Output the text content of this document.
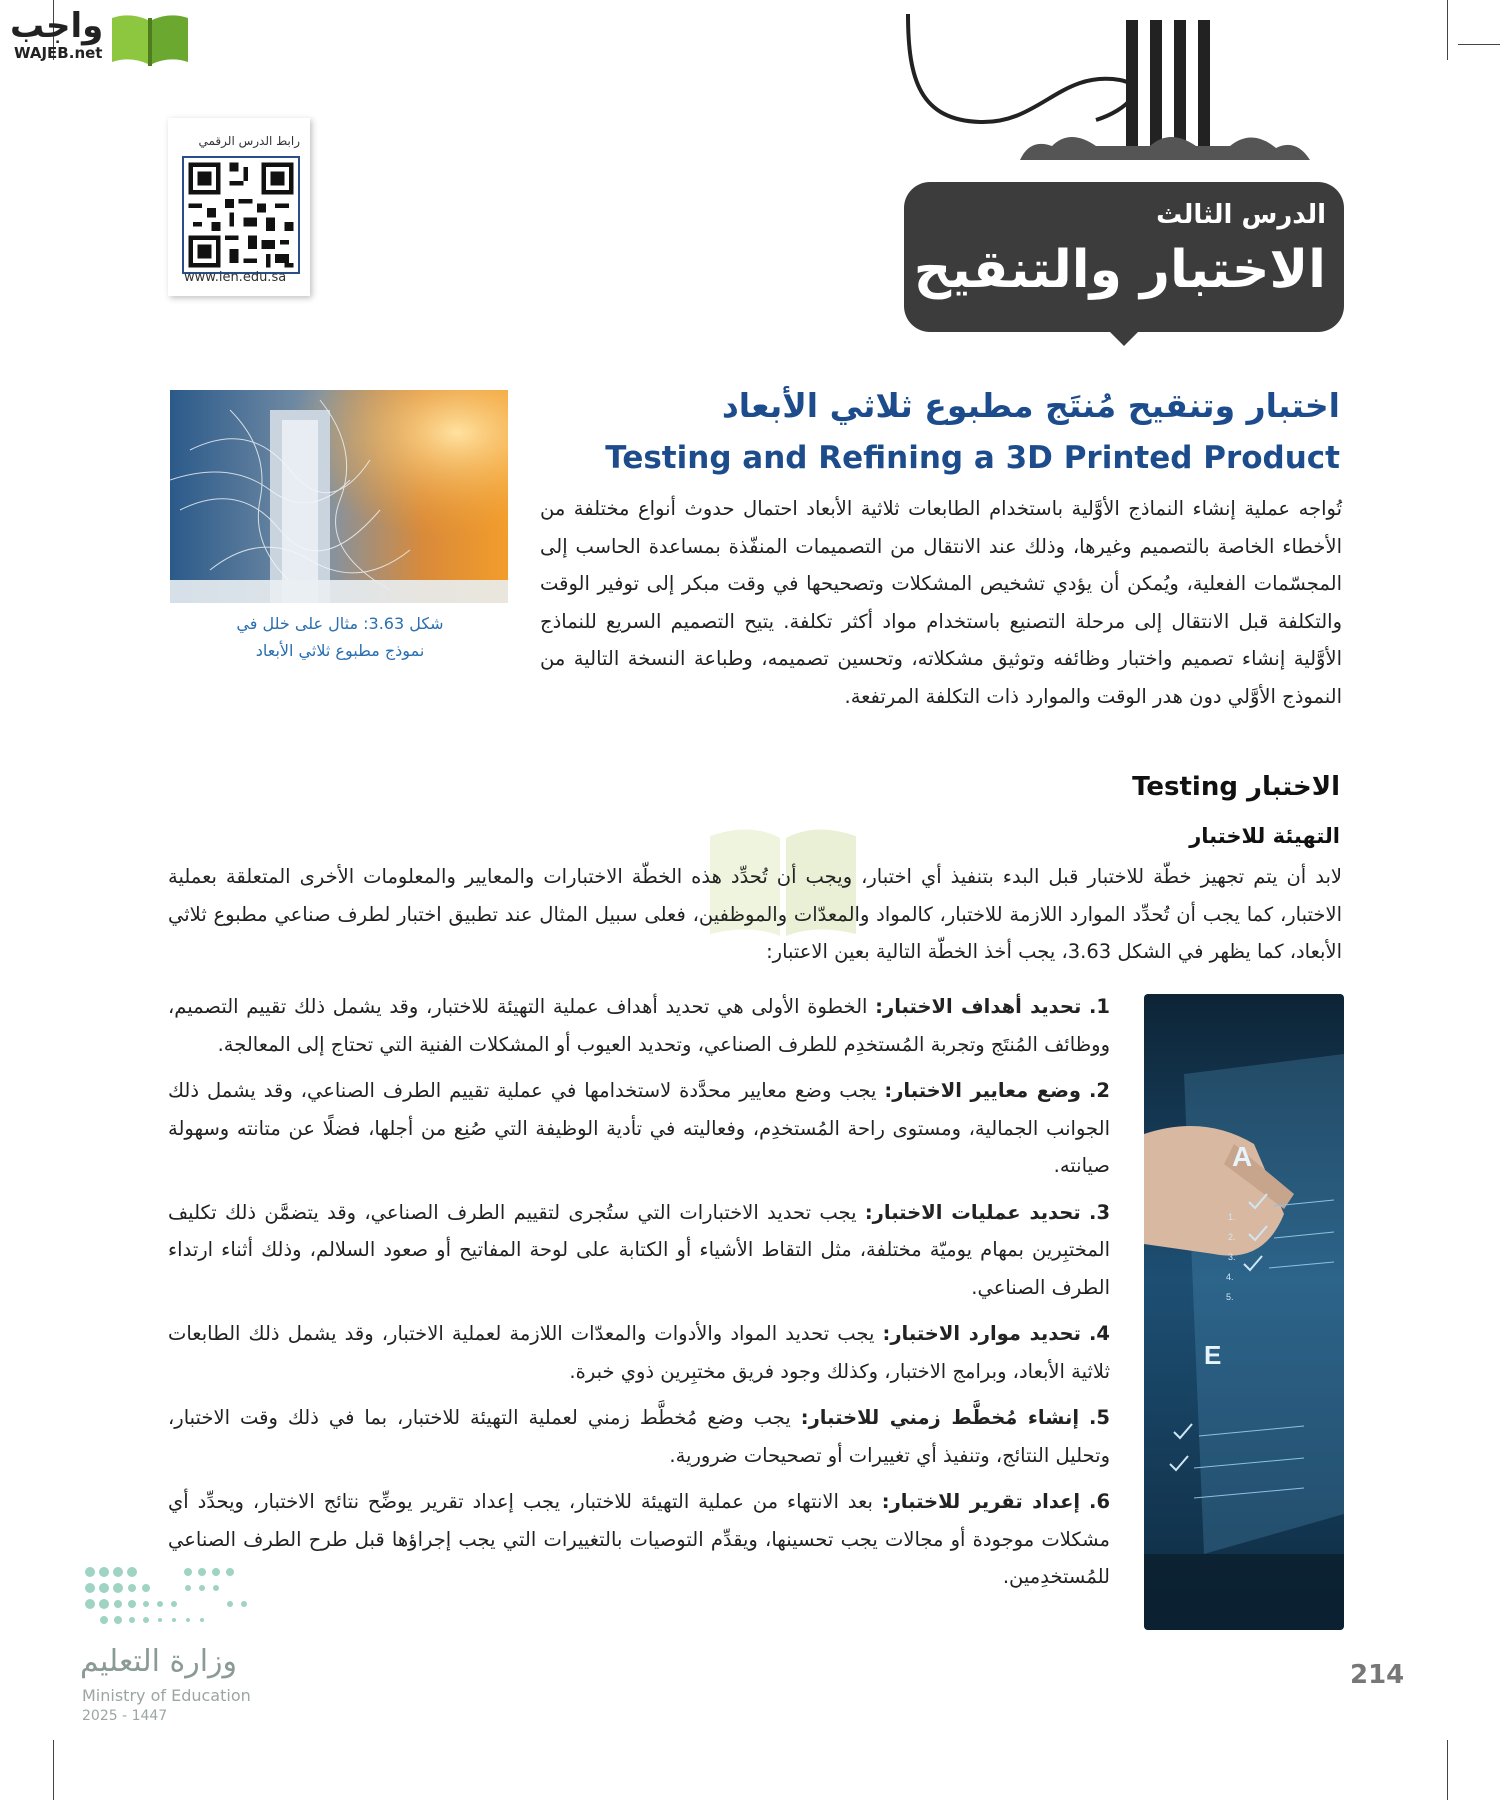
واجب
WAJEB.net
رابط الدرس الرقمي
www.ien.edu.sa
الدرس الثالث
الاختبار والتنقيح
اختبار وتنقيح مُنتَج مطبوع ثلاثي الأبعاد
Testing and Refining a 3D Printed Product
شكل 3.63: مثال على خلل في
نموذج مطبوع ثلاثي الأبعاد
تُواجه عملية إنشاء النماذج الأوَّلية باستخدام الطابعات ثلاثية الأبعاد احتمال حدوث أنواع مختلفة من الأخطاء الخاصة بالتصميم وغيرها، وذلك عند الانتقال من التصميمات المنفّذة بمساعدة الحاسب إلى المجسّمات الفعلية، ويُمكن أن يؤدي تشخيص المشكلات وتصحيحها في وقت مبكر إلى توفير الوقت والتكلفة قبل الانتقال إلى مرحلة التصنيع باستخدام مواد أكثر تكلفة. يتيح التصميم السريع للنماذج الأوَّلية إنشاء تصميم واختبار وظائفه وتوثيق مشكلاته، وتحسين تصميمه، وطباعة النسخة التالية من النموذج الأوَّلي دون هدر الوقت والموارد ذات التكلفة المرتفعة.
الاختبار Testing
التهيئة للاختبار
لابد أن يتم تجهيز خطّة للاختبار قبل البدء بتنفيذ أي اختبار، ويجب أن تُحدِّد هذه الخطّة الاختبارات والمعايير والمعلومات الأخرى المتعلقة بعملية الاختبار، كما يجب أن تُحدِّد الموارد اللازمة للاختبار، كالمواد والمعدّات والموظفين، فعلى سبيل المثال عند تطبيق اختبار لطرف صناعي مطبوع ثلاثي الأبعاد، كما يظهر في الشكل 3.63، يجب أخذ الخطّة التالية بعين الاعتبار:
A
E
1.
2.
3.
4.
5.
1. تحديد أهداف الاختبار: الخطوة الأولى هي تحديد أهداف عملية التهيئة للاختبار، وقد يشمل ذلك تقييم التصميم، ووظائف المُنتَج وتجربة المُستخدِم للطرف الصناعي، وتحديد العيوب أو المشكلات الفنية التي تحتاج إلى المعالجة.
2. وضع معايير الاختبار: يجب وضع معايير محدَّدة لاستخدامها في عملية تقييم الطرف الصناعي، وقد يشمل ذلك الجوانب الجمالية، ومستوى راحة المُستخدِم، وفعاليته في تأدية الوظيفة التي صُنِع من أجلها، فضلًا عن متانته وسهولة صيانته.
3. تحديد عمليات الاختبار: يجب تحديد الاختبارات التي ستُجرى لتقييم الطرف الصناعي، وقد يتضمَّن ذلك تكليف المختبِرين بمهام يوميّة مختلفة، مثل التقاط الأشياء أو الكتابة على لوحة المفاتيح أو صعود السلالم، وذلك أثناء ارتداء الطرف الصناعي.
4. تحديد موارد الاختبار: يجب تحديد المواد والأدوات والمعدّات اللازمة لعملية الاختبار، وقد يشمل ذلك الطابعات ثلاثية الأبعاد، وبرامج الاختبار، وكذلك وجود فريق مختبِرين ذوي خبرة.
5. إنشاء مُخطَّط زمني للاختبار: يجب وضع مُخطَّط زمني لعملية التهيئة للاختبار، بما في ذلك وقت الاختبار، وتحليل النتائج، وتنفيذ أي تغييرات أو تصحيحات ضرورية.
6. إعداد تقرير للاختبار: بعد الانتهاء من عملية التهيئة للاختبار، يجب إعداد تقرير يوضِّح نتائج الاختبار، ويحدِّد أي مشكلات موجودة أو مجالات يجب تحسينها، ويقدِّم التوصيات بالتغييرات التي يجب إجراؤها قبل طرح الطرف الصناعي للمُستخدِمين.
وزارة التعليم
Ministry of Education
2025 - 1447
214
